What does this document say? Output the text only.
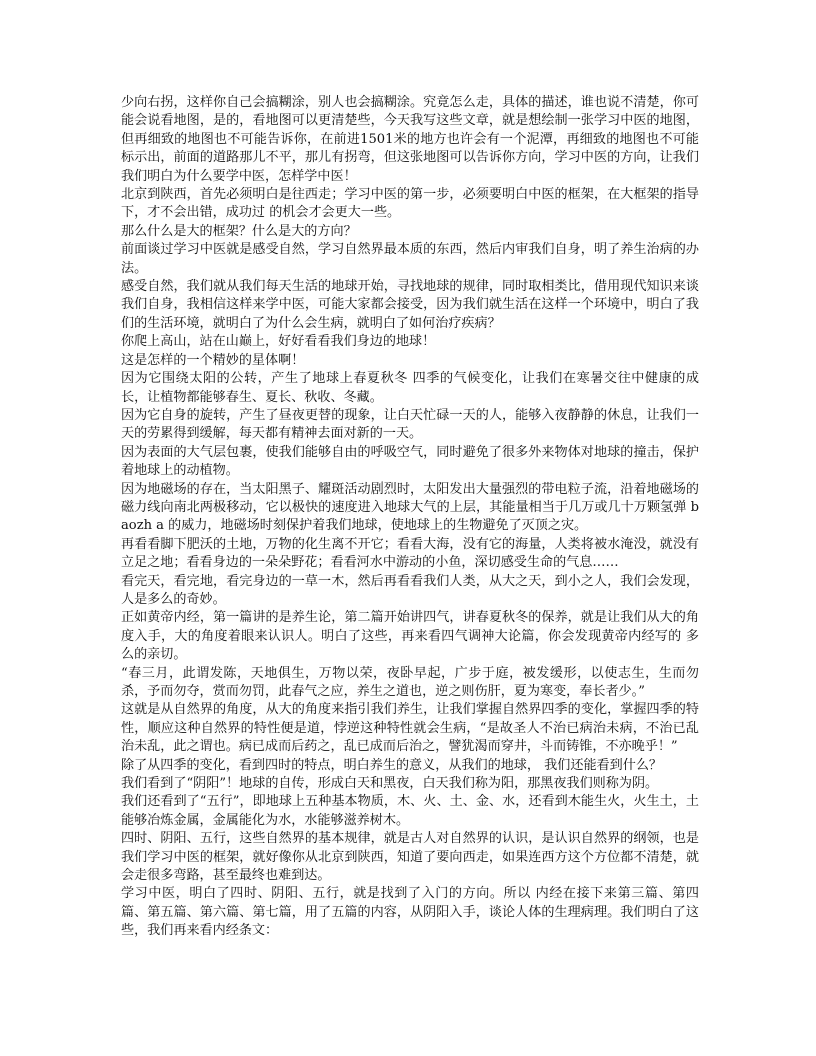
少向右拐，这样你自己会搞糊涂，别人也会搞糊涂。究竟怎么走，具体的描述，谁也说不清楚，你可能会说看地图，是的，看地图可以更清楚些，今天我写这些文章，就是想绘制一张学习中医的地图，但再细致的地图也不可能告诉你，在前进1501米的地方也许会有一个泥潭，再细致的地图也不可能标示出，前面的道路那儿不平，那儿有拐弯，但这张地图可以告诉你方向，学习中医的方向，让我们我们明白为什么要学中医，怎样学中医！

北京到陕西，首先必须明白是往西走；学习中医的第一步，必须要明白中医的框架，在大框架的指导下，才不会出错，成功过 的机会才会更大一些。

那么什么是大的框架？什么是大的方向？

前面谈过学习中医就是感受自然，学习自然界最本质的东西，然后内审我们自身，明了养生治病的办法。

感受自然，我们就从我们每天生活的地球开始，寻找地球的规律，同时取相类比，借用现代知识来谈我们自身，我相信这样来学中医，可能大家都会接受，因为我们就生活在这样一个环境中，明白了我们的生活环境，就明白了为什么会生病，就明白了如何治疗疾病？

你爬上高山，站在山巅上，好好看看我们身边的地球！

这是怎样的一个精妙的星体啊！

因为它围绕太阳的公转，产生了地球上春夏秋冬 四季的气候变化，让我们在寒暑交往中健康的成长，让植物都能够春生、夏长、秋收、冬藏。

因为它自身的旋转，产生了昼夜更替的现象，让白天忙碌一天的人，能够入夜静静的休息，让我们一天的劳累得到缓解，每天都有精神去面对新的一天。

因为表面的大气层包裹，使我们能够自由的呼吸空气，同时避免了很多外来物体对地球的撞击，保护着地球上的动植物。

因为地磁场的存在，当太阳黑子、耀斑活动剧烈时，太阳发出大量强烈的带电粒子流，沿着地磁场的磁力线向南北两极移动，它以极快的速度进入地球大气的上层，其能量相当于几万或几十万颗氢弹 baozh a 的威力，地磁场时刻保护着我们地球，使地球上的生物避免了灭顶之灾。

再看看脚下肥沃的土地，万物的化生离不开它；看看大海，没有它的海量，人类将被水淹没，就没有立足之地；看看身边的一朵朵野花；看看河水中游动的小鱼，深切感受生命的气息……

看完天，看完地，看完身边的一草一木，然后再看看我们人类，从大之天，到小之人，我们会发现，人是多么的奇妙。

正如黄帝内经，第一篇讲的是养生论，第二篇开始讲四气，讲春夏秋冬的保养，就是让我们从大的角度入手，大的角度着眼来认识人。明白了这些，再来看四气调神大论篇，你会发现黄帝内经写的 多么的亲切。

“春三月，此谓发陈，天地俱生，万物以荣，夜卧早起，广步于庭，被发缓形，以使志生，生而勿杀，予而勿夺，赏而勿罚，此春气之应，养生之道也，逆之则伤肝，夏为寒变，奉长者少。”

这就是从自然界的角度，从大的角度来指引我们养生，让我们掌握自然界四季的变化，掌握四季的特性，顺应这种自然界的特性便是道，悖逆这种特性就会生病，“是故圣人不治已病治未病，不治已乱治未乱，此之谓也。病已成而后药之，乱已成而后治之，譬犹渴而穿井，斗而铸锥，不亦晚乎！”

除了从四季的变化，看到四时的特点，明白养生的意义，从我们的地球， 我们还能看到什么？

我们看到了“阴阳”！地球的自传，形成白天和黑夜，白天我们称为阳，那黑夜我们则称为阴。

我们还看到了“五行”，即地球上五种基本物质，木、火、土、金、水，还看到木能生火，火生土，土能够冶炼金属，金属能化为水，水能够滋养树木。

四时、阴阳、五行，这些自然界的基本规律，就是古人对自然界的认识，是认识自然界的纲领，也是我们学习中医的框架，就好像你从北京到陕西，知道了要向西走，如果连西方这个方位都不清楚，就会走很多弯路，甚至最终也难到达。

学习中医，明白了四时、阴阳、五行，就是找到了入门的方向。所以 内经在接下来第三篇、第四篇、第五篇、第六篇、第七篇，用了五篇的内容，从阴阳入手，谈论人体的生理病理。我们明白了这些，我们再来看内经条文：
